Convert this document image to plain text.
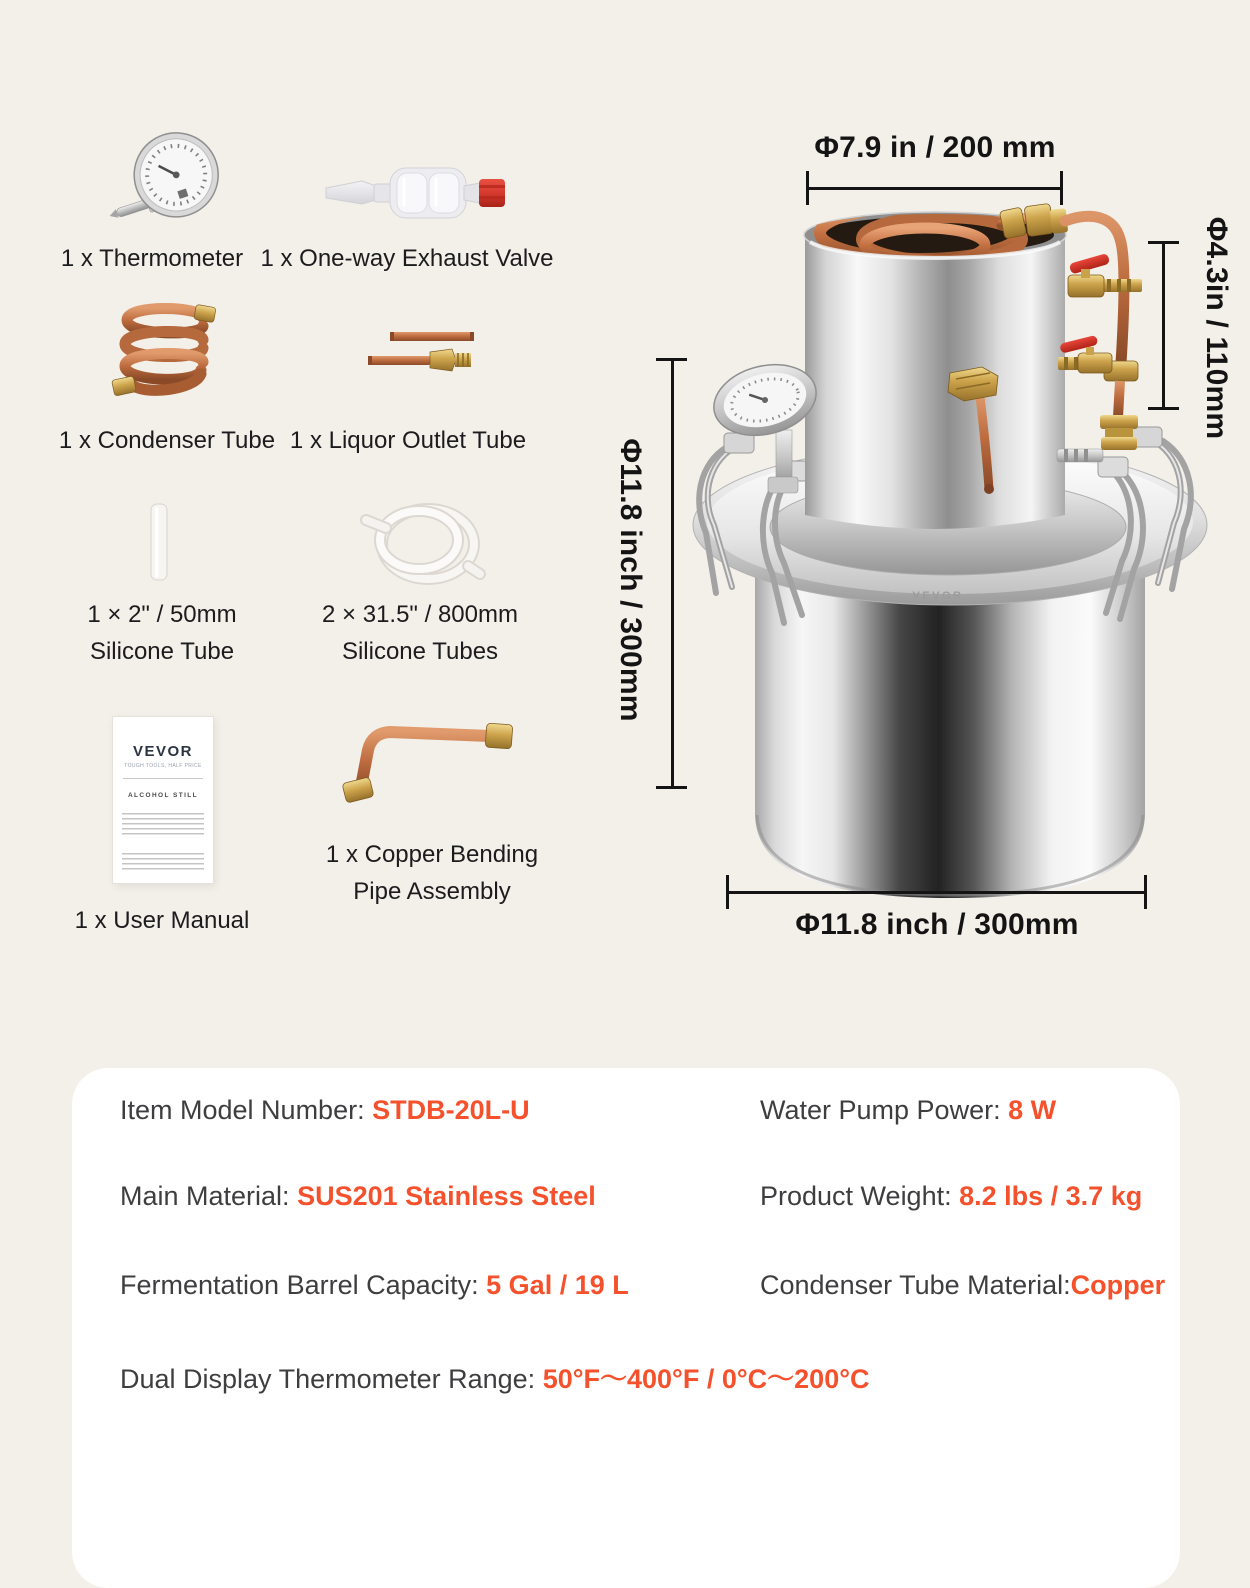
VEVOR
TOUGH TOOLS, HALF PRICE
ALCOHOL STILL
1 x Thermometer 1 x One-way Exhaust Valve
1 x Condenser Tube 1 x Liquor Outlet Tube
1 × 2" / 50mm
Silicone Tube
2 × 31.5" / 800mm
Silicone Tubes
1 x Copper Bending
Pipe Assembly
1 x User Manual
VEVOR
Φ7.9 in / 200 mm
Φ4.3in / 110mm
Φ11.8 inch / 300mm
Φ11.8 inch / 300mm
Item Model Number: STDB-20L-U	Water Pump Power: 8 W
Main Material: SUS201 Stainless Steel	Product Weight: 8.2 lbs / 3.7 kg
Fermentation Barrel Capacity: 5 Gal / 19 L	Condenser Tube Material:Copper
Dual Display Thermometer Range: 50°F～400°F / 0°C～200°C
